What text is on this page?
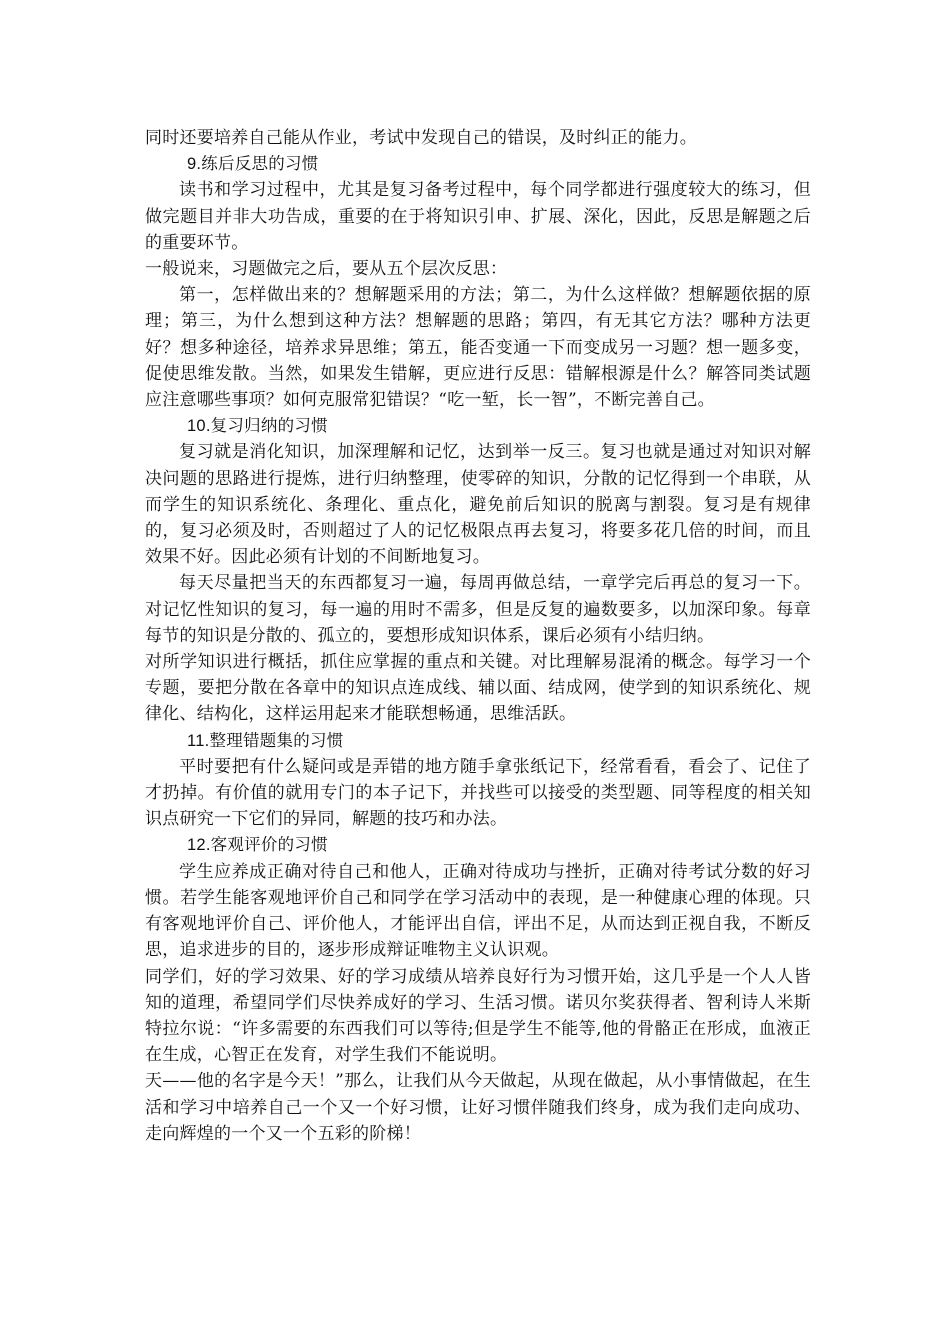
同时还要培养自己能从作业，考试中发现自己的错误，及时纠正的能力。

9.练后反思的习惯

读书和学习过程中，尤其是复习备考过程中，每个同学都进行强度较大的练习，但做完题目并非大功告成，重要的在于将知识引申、扩展、深化，因此，反思是解题之后的重要环节。

一般说来，习题做完之后，要从五个层次反思：

第一，怎样做出来的？想解题采用的方法；第二，为什么这样做？想解题依据的原理；第三，为什么想到这种方法？想解题的思路；第四，有无其它方法？哪种方法更好？想多种途径，培养求异思维；第五，能否变通一下而变成另一习题？想一题多变，促使思维发散。当然，如果发生错解，更应进行反思：错解根源是什么？解答同类试题应注意哪些事项？如何克服常犯错误？“吃一堑，长一智”，不断完善自己。

10.复习归纳的习惯

复习就是消化知识，加深理解和记忆，达到举一反三。复习也就是通过对知识对解决问题的思路进行提炼，进行归纳整理，使零碎的知识，分散的记忆得到一个串联，从而学生的知识系统化、条理化、重点化，避免前后知识的脱离与割裂。复习是有规律的，复习必须及时，否则超过了人的记忆极限点再去复习，将要多花几倍的时间，而且效果不好。因此必须有计划的不间断地复习。

每天尽量把当天的东西都复习一遍，每周再做总结，一章学完后再总的复习一下。对记忆性知识的复习，每一遍的用时不需多，但是反复的遍数要多，以加深印象。每章每节的知识是分散的、孤立的，要想形成知识体系，课后必须有小结归纳。

对所学知识进行概括，抓住应掌握的重点和关键。对比理解易混淆的概念。每学习一个专题，要把分散在各章中的知识点连成线、辅以面、结成网，使学到的知识系统化、规律化、结构化，这样运用起来才能联想畅通，思维活跃。

11.整理错题集的习惯

平时要把有什么疑问或是弄错的地方随手拿张纸记下，经常看看，看会了、记住了才扔掉。有价值的就用专门的本子记下，并找些可以接受的类型题、同等程度的相关知识点研究一下它们的异同，解题的技巧和办法。

12.客观评价的习惯

学生应养成正确对待自己和他人，正确对待成功与挫折，正确对待考试分数的好习惯。若学生能客观地评价自己和同学在学习活动中的表现，是一种健康心理的体现。只有客观地评价自己、评价他人，才能评出自信，评出不足，从而达到正视自我，不断反思，追求进步的目的，逐步形成辩证唯物主义认识观。

同学们，好的学习效果、好的学习成绩从培养良好行为习惯开始，这几乎是一个人人皆知的道理，希望同学们尽快养成好的学习、生活习惯。诺贝尔奖获得者、智利诗人米斯特拉尔说：“许多需要的东西我们可以等待;但是学生不能等,他的骨骼正在形成，血液正在生成，心智正在发育，对学生我们不能说明。

天——他的名字是今天！”那么，让我们从今天做起，从现在做起，从小事情做起，在生活和学习中培养自己一个又一个好习惯，让好习惯伴随我们终身，成为我们走向成功、走向辉煌的一个又一个五彩的阶梯！
